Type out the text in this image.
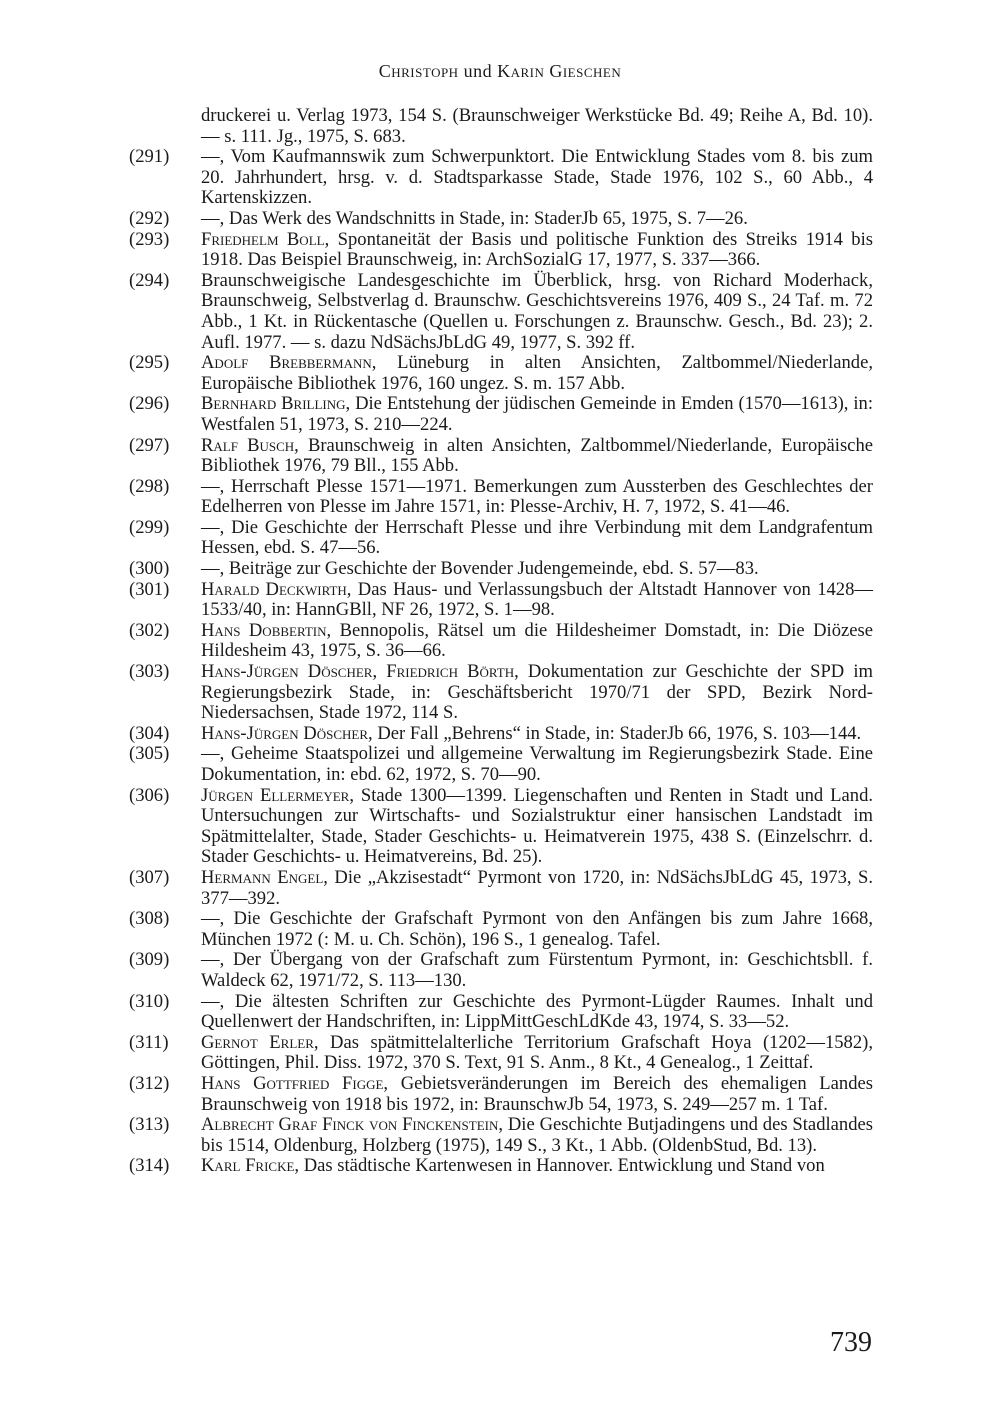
Christoph und Karin Gieschen
druckerei u. Verlag 1973, 154 S. (Braunschweiger Werkstücke Bd. 49; Reihe A, Bd. 10). — s. 111. Jg., 1975, S. 683.
(291) —, Vom Kaufmannswik zum Schwerpunktort. Die Entwicklung Stades vom 8. bis zum 20. Jahrhundert, hrsg. v. d. Stadtsparkasse Stade, Stade 1976, 102 S., 60 Abb., 4 Kartenskizzen.
(292) —, Das Werk des Wandschnitts in Stade, in: StaderJb 65, 1975, S. 7—26.
(293) Friedhelm Boll, Spontaneität der Basis und politische Funktion des Streiks 1914 bis 1918. Das Beispiel Braunschweig, in: ArchSozialG 17, 1977, S. 337—366.
(294) Braunschweigische Landesgeschichte im Überblick, hrsg. von Richard Moderhack, Braunschweig, Selbstverlag d. Braunschw. Geschichtsvereins 1976, 409 S., 24 Taf. m. 72 Abb., 1 Kt. in Rückentasche (Quellen u. Forschungen z. Braunschw. Gesch., Bd. 23); 2. Aufl. 1977. — s. dazu NdSächsJbLdG 49, 1977, S. 392 ff.
(295) Adolf Brebbermann, Lüneburg in alten Ansichten, Zaltbommel/Niederlande, Europäische Bibliothek 1976, 160 ungez. S. m. 157 Abb.
(296) Bernhard Brilling, Die Entstehung der jüdischen Gemeinde in Emden (1570—1613), in: Westfalen 51, 1973, S. 210—224.
(297) Ralf Busch, Braunschweig in alten Ansichten, Zaltbommel/Niederlande, Europäische Bibliothek 1976, 79 Bll., 155 Abb.
(298) —, Herrschaft Plesse 1571—1971. Bemerkungen zum Aussterben des Geschlechtes der Edelherren von Plesse im Jahre 1571, in: Plesse-Archiv, H. 7, 1972, S. 41—46.
(299) —, Die Geschichte der Herrschaft Plesse und ihre Verbindung mit dem Landgrafentum Hessen, ebd. S. 47—56.
(300) —, Beiträge zur Geschichte der Bovender Judengemeinde, ebd. S. 57—83.
(301) Harald Deckwirth, Das Haus- und Verlassungsbuch der Altstadt Hannover von 1428—1533/40, in: HannGBll, NF 26, 1972, S. 1—98.
(302) Hans Dobbertin, Bennopolis, Rätsel um die Hildesheimer Domstadt, in: Die Diözese Hildesheim 43, 1975, S. 36—66.
(303) Hans-Jürgen Döscher, Friedrich Börth, Dokumentation zur Geschichte der SPD im Regierungsbezirk Stade, in: Geschäftsbericht 1970/71 der SPD, Bezirk Nord-Niedersachsen, Stade 1972, 114 S.
(304) Hans-Jürgen Döscher, Der Fall „Behrens“ in Stade, in: StaderJb 66, 1976, S. 103—144.
(305) —, Geheime Staatspolizei und allgemeine Verwaltung im Regierungsbezirk Stade. Eine Dokumentation, in: ebd. 62, 1972, S. 70—90.
(306) Jürgen Ellermeyer, Stade 1300—1399. Liegenschaften und Renten in Stadt und Land. Untersuchungen zur Wirtschafts- und Sozialstruktur einer hansischen Landstadt im Spätmittelalter, Stade, Stader Geschichts- u. Heimatverein 1975, 438 S. (Einzelschrr. d. Stader Geschichts- u. Heimatvereins, Bd. 25).
(307) Hermann Engel, Die „Akzisestadt“ Pyrmont von 1720, in: NdSächsJbLdG 45, 1973, S. 377—392.
(308) —, Die Geschichte der Grafschaft Pyrmont von den Anfängen bis zum Jahre 1668, München 1972 (: M. u. Ch. Schön), 196 S., 1 genealog. Tafel.
(309) —, Der Übergang von der Grafschaft zum Fürstentum Pyrmont, in: Geschichtsbll. f. Waldeck 62, 1971/72, S. 113—130.
(310) —, Die ältesten Schriften zur Geschichte des Pyrmont-Lügder Raumes. Inhalt und Quellenwert der Handschriften, in: LippMittGeschLdKde 43, 1974, S. 33—52.
(311) Gernot Erler, Das spätmittelalterliche Territorium Grafschaft Hoya (1202—1582), Göttingen, Phil. Diss. 1972, 370 S. Text, 91 S. Anm., 8 Kt., 4 Genealog., 1 Zeittaf.
(312) Hans Gottfried Figge, Gebietsveränderungen im Bereich des ehemaligen Landes Braunschweig von 1918 bis 1972, in: BraunschwJb 54, 1973, S. 249—257 m. 1 Taf.
(313) Albrecht Graf Finck von Finckenstein, Die Geschichte Butjadingens und des Stadlandes bis 1514, Oldenburg, Holzberg (1975), 149 S., 3 Kt., 1 Abb. (OldenbStud, Bd. 13).
(314) Karl Fricke, Das städtische Kartenwesen in Hannover. Entwicklung und Stand von
739
